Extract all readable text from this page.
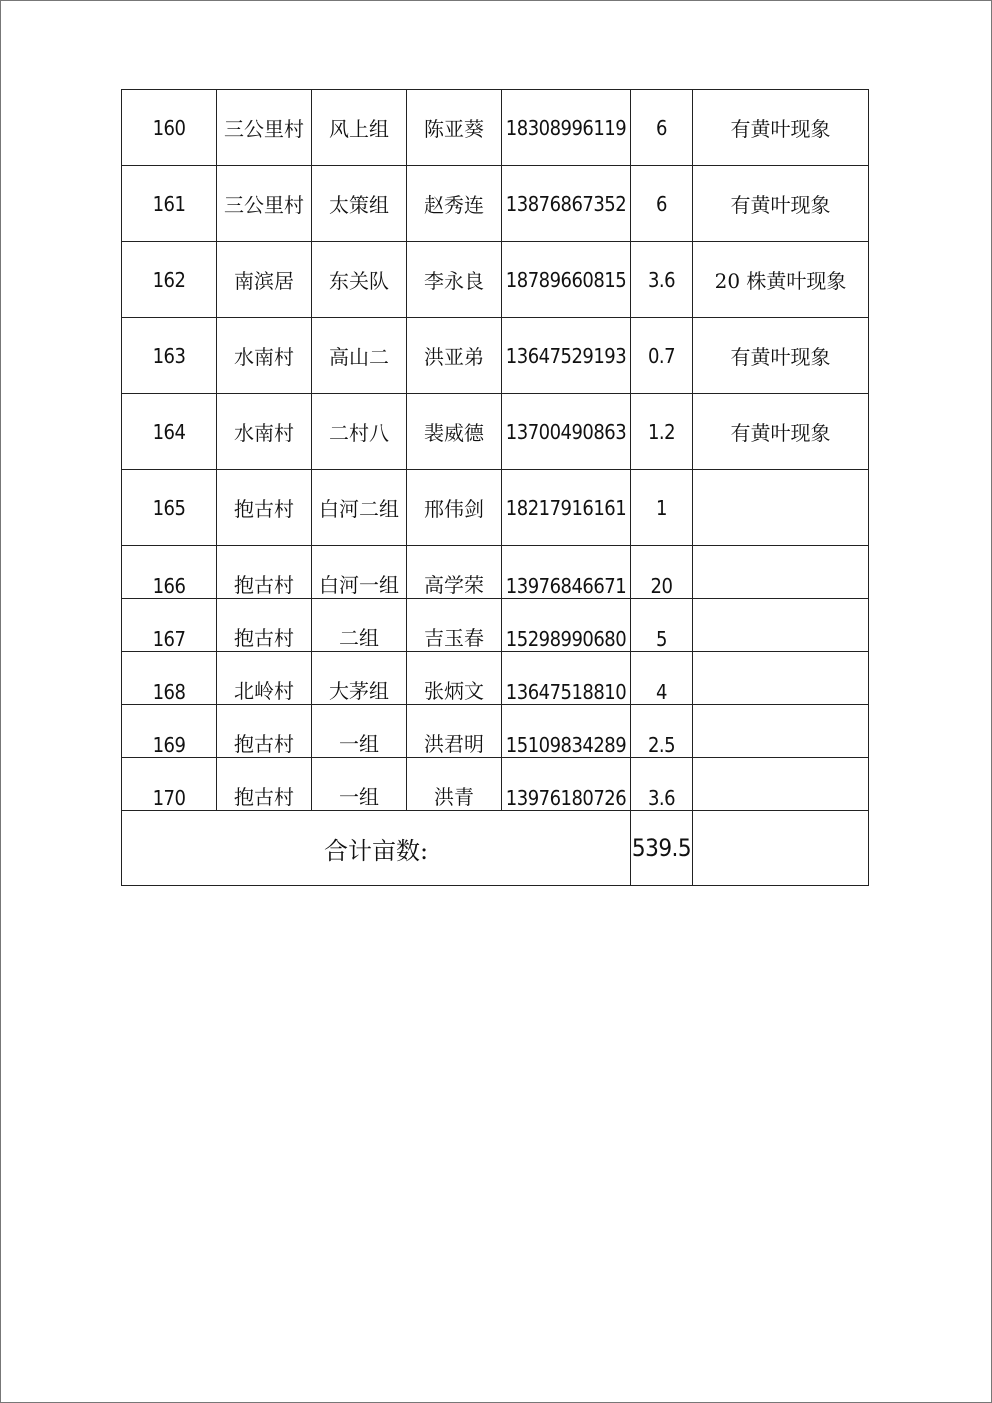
160	三公里村	风上组	陈亚葵	18308996119	6	有黄叶现象
161	三公里村	太策组	赵秀连	13876867352	6	有黄叶现象
162	南滨居	东关队	李永良	18789660815	3.6	20 株黄叶现象
163	水南村	高山二	洪亚弟	13647529193	0.7	有黄叶现象
164	水南村	二村八	裴威德	13700490863	1.2	有黄叶现象
165	抱古村	白河二组	邢伟剑	18217916161	1	
166	抱古村	白河一组	高学荣	13976846671	20	
167	抱古村	二组	吉玉春	15298990680	5	
168	北岭村	大茅组	张炳文	13647518810	4	
169	抱古村	一组	洪君明	15109834289	2.5	
170	抱古村	一组	洪青	13976180726	3.6	
合计亩数:					539.5	
